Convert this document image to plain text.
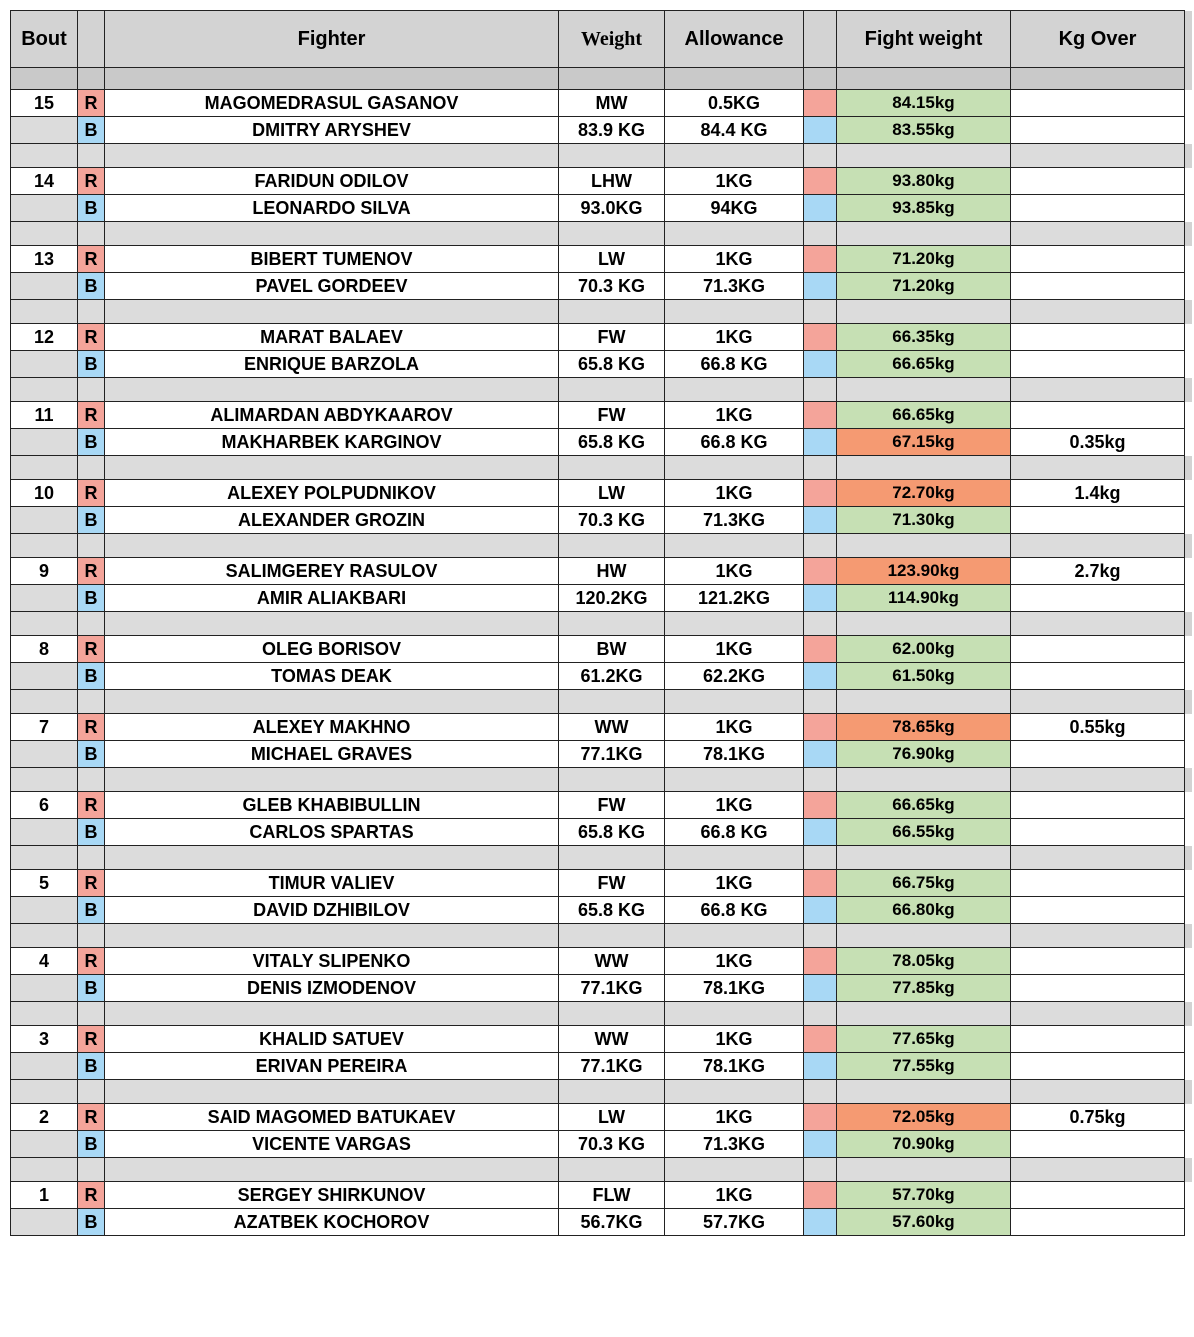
Bout		Fighter	Weight	Allowance		Fight weight	Kg Over	

15	R	MAGOMEDRASUL GASANOV	MW	0.5KG		84.15kg		
	B	DMITRY ARYSHEV	83.9 KG	84.4 KG		83.55kg		

14	R	FARIDUN ODILOV	LHW	1KG		93.80kg		
	B	LEONARDO SILVA	93.0KG	94KG		93.85kg		

13	R	BIBERT TUMENOV	LW	1KG		71.20kg		
	B	PAVEL GORDEEV	70.3 KG	71.3KG		71.20kg		

12	R	MARAT BALAEV	FW	1KG		66.35kg		
	B	ENRIQUE BARZOLA	65.8 KG	66.8 KG		66.65kg		

11	R	ALIMARDAN ABDYKAAROV	FW	1KG		66.65kg		
	B	MAKHARBEK KARGINOV	65.8 KG	66.8 KG		67.15kg	0.35kg	

10	R	ALEXEY POLPUDNIKOV	LW	1KG		72.70kg	1.4kg	
	B	ALEXANDER GROZIN	70.3 KG	71.3KG		71.30kg		

9	R	SALIMGEREY RASULOV	HW	1KG		123.90kg	2.7kg	
	B	AMIR ALIAKBARI	120.2KG	121.2KG		114.90kg		

8	R	OLEG BORISOV	BW	1KG		62.00kg		
	B	TOMAS DEAK	61.2KG	62.2KG		61.50kg		

7	R	ALEXEY MAKHNO	WW	1KG		78.65kg	0.55kg	
	B	MICHAEL GRAVES	77.1KG	78.1KG		76.90kg		

6	R	GLEB KHABIBULLIN	FW	1KG		66.65kg		
	B	CARLOS SPARTAS	65.8 KG	66.8 KG		66.55kg		

5	R	TIMUR VALIEV	FW	1KG		66.75kg		
	B	DAVID DZHIBILOV	65.8 KG	66.8 KG		66.80kg		

4	R	VITALY SLIPENKO	WW	1KG		78.05kg		
	B	DENIS IZMODENOV	77.1KG	78.1KG		77.85kg		

3	R	KHALID SATUEV	WW	1KG		77.65kg		
	B	ERIVAN PEREIRA	77.1KG	78.1KG		77.55kg		

2	R	SAID MAGOMED BATUKAEV	LW	1KG		72.05kg	0.75kg	
	B	VICENTE VARGAS	70.3 KG	71.3KG		70.90kg		

1	R	SERGEY SHIRKUNOV	FLW	1KG		57.70kg		
	B	AZATBEK KOCHOROV	56.7KG	57.7KG		57.60kg		
